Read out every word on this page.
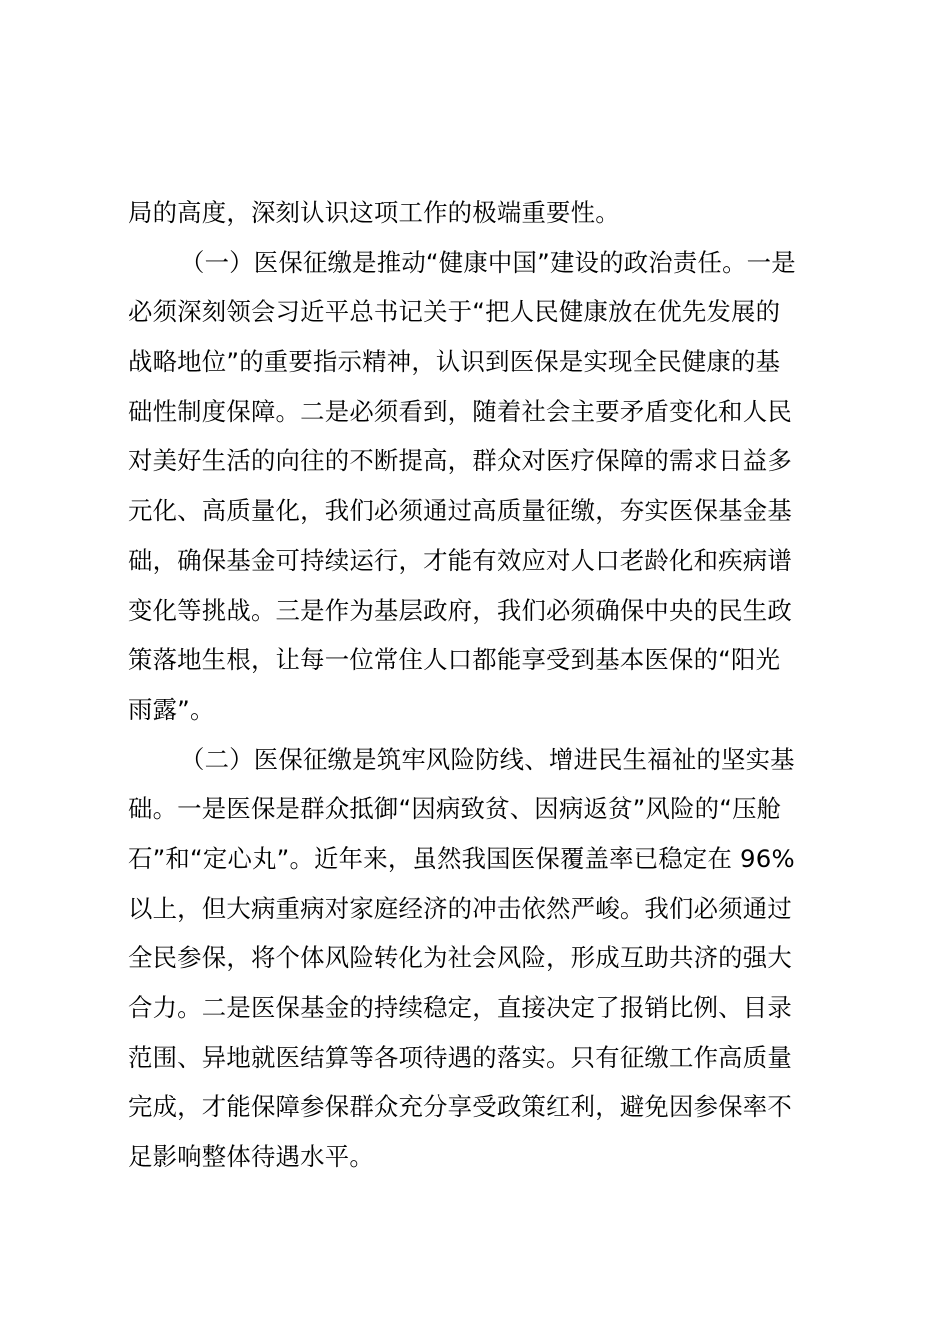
局的高度，深刻认识这项工作的极端重要性。
（一）医保征缴是推动“健康中国”建设的政治责任。一是
必须深刻领会习近平总书记关于“把人民健康放在优先发展的
战略地位”的重要指示精神，认识到医保是实现全民健康的基
础性制度保障。二是必须看到，随着社会主要矛盾变化和人民
对美好生活的向往的不断提高，群众对医疗保障的需求日益多
元化、高质量化，我们必须通过高质量征缴，夯实医保基金基
础，确保基金可持续运行，才能有效应对人口老龄化和疾病谱
变化等挑战。三是作为基层政府，我们必须确保中央的民生政
策落地生根，让每一位常住人口都能享受到基本医保的“阳光
雨露”。
（二）医保征缴是筑牢风险防线、增进民生福祉的坚实基
础。一是医保是群众抵御“因病致贫、因病返贫”风险的“压舱
石”和“定心丸”。近年来，虽然我国医保覆盖率已稳定在 96%
以上，但大病重病对家庭经济的冲击依然严峻。我们必须通过
全民参保，将个体风险转化为社会风险，形成互助共济的强大
合力。二是医保基金的持续稳定，直接决定了报销比例、目录
范围、异地就医结算等各项待遇的落实。只有征缴工作高质量
完成，才能保障参保群众充分享受政策红利，避免因参保率不
足影响整体待遇水平。
